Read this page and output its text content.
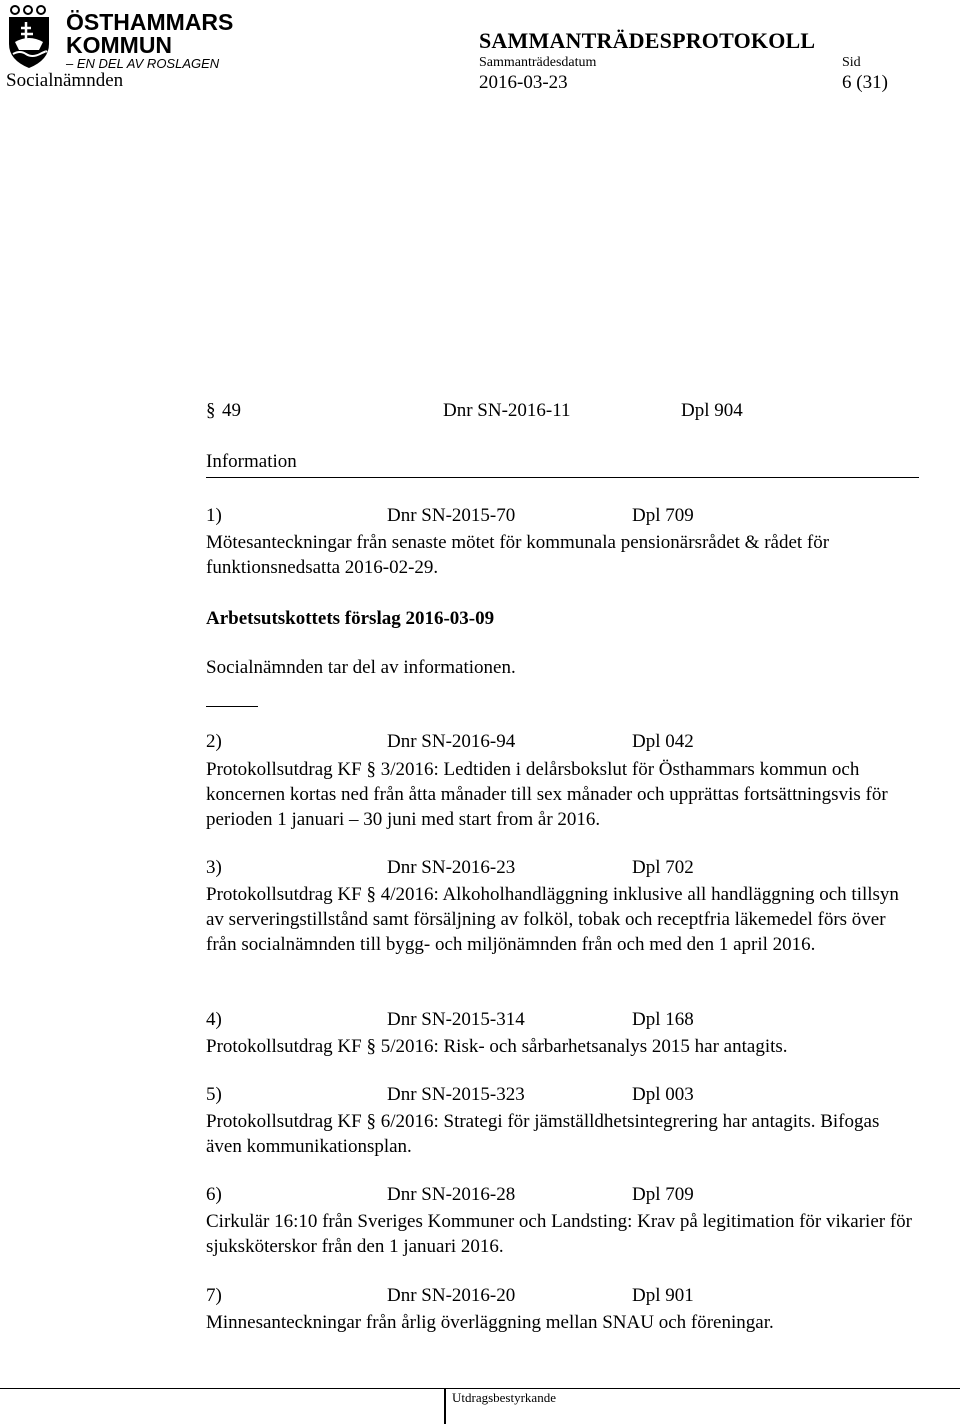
ÖSTHAMMARS
KOMMUN
– EN DEL AV ROSLAGEN
Socialnämnden
SAMMANTRÄDESPROTOKOLL
Sammanträdesdatum	Sid
2016-03-23	6 (31)
§ 49	Dnr SN-2016-11	Dpl 904
Information
1)	Dnr SN-2015-70	Dpl 709
Mötesanteckningar från senaste mötet för kommunala pensionärsrådet & rådet för funktionsnedsatta 2016-02-29.
Arbetsutskottets förslag 2016-03-09
Socialnämnden tar del av informationen.
2)	Dnr SN-2016-94	Dpl 042
Protokollsutdrag KF § 3/2016: Ledtiden i delårsbokslut för Östhammars kommun och koncernen kortas ned från åtta månader till sex månader och upprättas fortsättningsvis för perioden 1 januari – 30 juni med start from år 2016.
3)	Dnr SN-2016-23	Dpl 702
Protokollsutdrag KF § 4/2016: Alkoholhandläggning inklusive all handläggning och tillsyn av serveringstillstånd samt försäljning av folköl, tobak och receptfria läkemedel förs över från socialnämnden till bygg- och miljönämnden från och med den 1 april 2016.
4)	Dnr SN-2015-314	Dpl 168
Protokollsutdrag KF § 5/2016: Risk- och sårbarhetsanalys 2015 har antagits.
5)	Dnr SN-2015-323	Dpl 003
Protokollsutdrag KF § 6/2016: Strategi för jämställdhetsintegrering har antagits. Bifogas även kommunikationsplan.
6)	Dnr SN-2016-28	Dpl 709
Cirkulär 16:10 från Sveriges Kommuner och Landsting: Krav på legitimation för vikarier för sjuksköterskor från den 1 januari 2016.
7)	Dnr SN-2016-20	Dpl 901
Minnesanteckningar från årlig överläggning mellan SNAU och föreningar.
Utdragsbestyrkande
